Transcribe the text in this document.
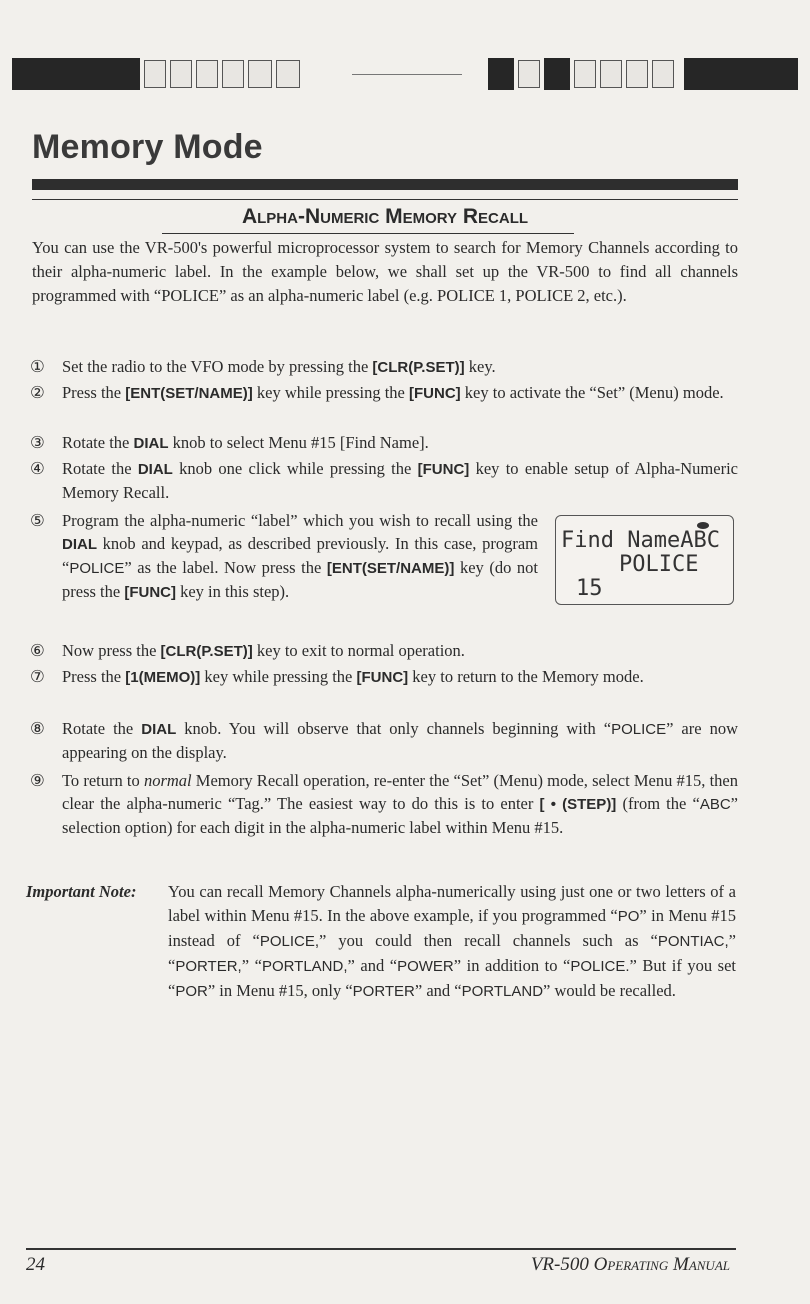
Memory Mode
Alpha-Numeric Memory Recall

You can use the VR-500's powerful microprocessor system to search for Memory Channels according to their alpha-numeric label. In the example below, we shall set up the VR-500 to find all channels programmed with “POLICE” as an alpha-numeric label (e.g. POLICE 1, POLICE 2, etc.).

①	Set the radio to the VFO mode by pressing the [CLR(P.SET)] key.
②	Press the [ENT(SET/NAME)] key while pressing the [FUNC] key to activate the “Set” (Menu) mode.
③	Rotate the DIAL knob to select Menu #15 [Find Name].
④	Rotate the DIAL knob one click while pressing the [FUNC] key to enable setup of Alpha-Numeric Memory Recall.
⑤	Program the alpha-numeric “label” which you wish to recall using the DIAL knob and keypad, as described previously. In this case, program “POLICE” as the label. Now press the [ENT(SET/NAME)] key (do not press the [FUNC] key in this step).
Find NameABC
POLICE
15
⑥	Now press the [CLR(P.SET)] key to exit to normal operation.
⑦	Press the [1(MEMO)] key while pressing the [FUNC] key to return to the Memory mode.
⑧	Rotate the DIAL knob. You will observe that only channels beginning with “POLICE” are now appearing on the display.
⑨	To return to normal Memory Recall operation, re-enter the “Set” (Menu) mode, select Menu #15, then clear the alpha-numeric “Tag.” The easiest way to do this is to enter [ • (STEP)] (from the “ABC” selection option) for each digit in the alpha-numeric label within Menu #15.
Important Note: You can recall Memory Channels alpha-numerically using just one or two letters of a label within Menu #15. In the above example, if you programmed “PO” in Menu #15 instead of “POLICE,” you could then recall channels such as “PONTIAC,” “PORTER,” “PORTLAND,” and “POWER” in addition to “POLICE.” But if you set “POR” in Menu #15, only “PORTER” and “PORTLAND” would be recalled.

24	VR-500 Operating Manual
